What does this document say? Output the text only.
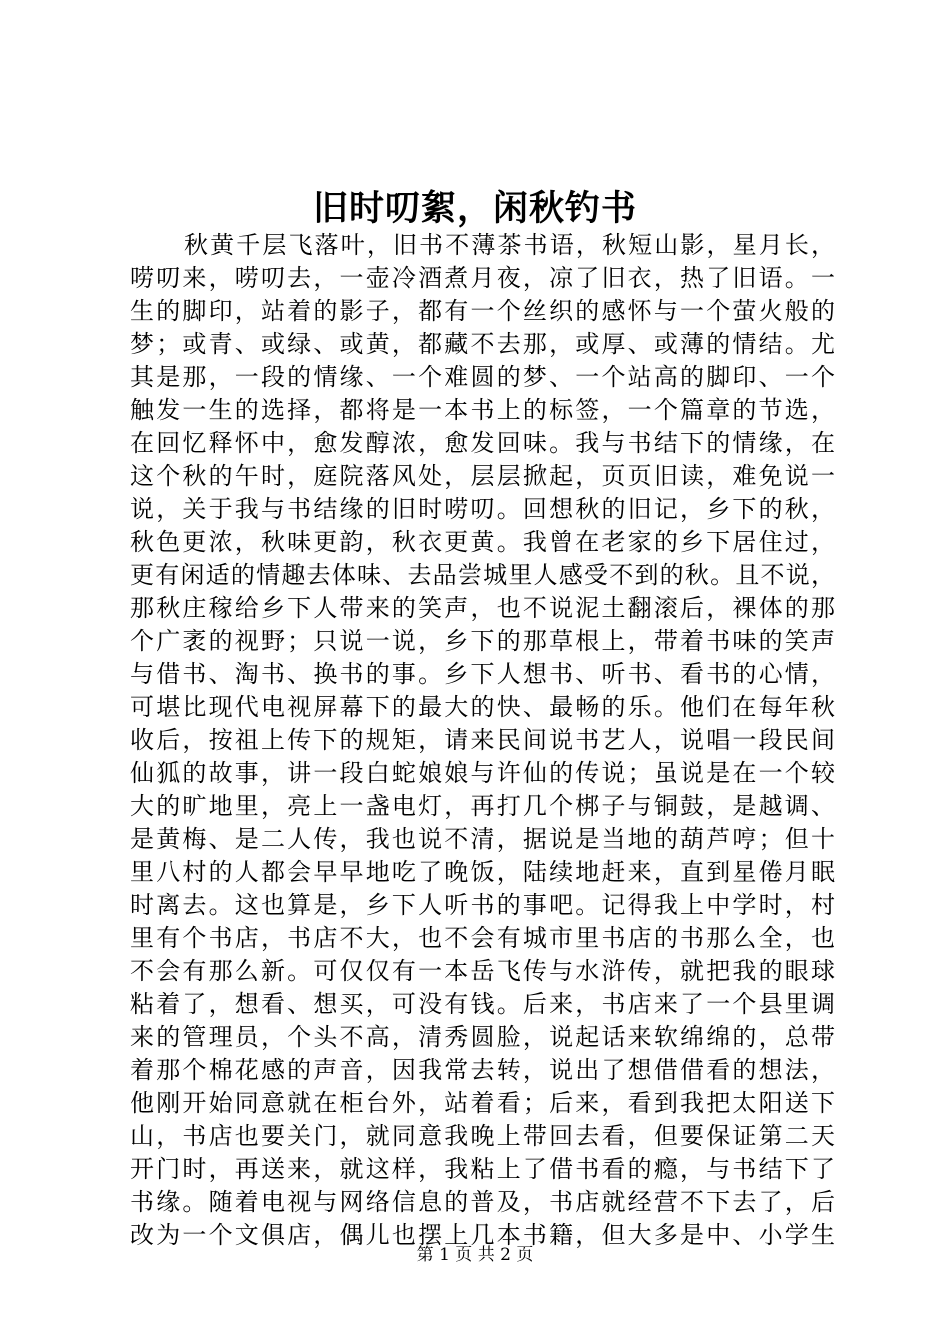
旧时叨絮，闲秋钓书
秋黄千层飞落叶，旧书不薄茶书语，秋短山影，星月长，
唠叨来，唠叨去，一壶冷酒煮月夜，凉了旧衣，热了旧语。一
生的脚印，站着的影子，都有一个丝织的感怀与一个萤火般的
梦；或青、或绿、或黄，都藏不去那，或厚、或薄的情结。尤
其是那，一段的情缘、一个难圆的梦、一个站高的脚印、一个
触发一生的选择，都将是一本书上的标签，一个篇章的节选，
在回忆释怀中，愈发醇浓，愈发回味。我与书结下的情缘，在
这个秋的午时，庭院落风处，层层掀起，页页旧读，难免说一
说，关于我与书结缘的旧时唠叨。回想秋的旧记，乡下的秋，
秋色更浓，秋味更韵，秋衣更黄。我曾在老家的乡下居住过，
更有闲适的情趣去体味、去品尝城里人感受不到的秋。且不说，
那秋庄稼给乡下人带来的笑声，也不说泥土翻滚后，裸体的那
个广袤的视野；只说一说，乡下的那草根上，带着书味的笑声
与借书、淘书、换书的事。乡下人想书、听书、看书的心情，
可堪比现代电视屏幕下的最大的快、最畅的乐。他们在每年秋
收后，按祖上传下的规矩，请来民间说书艺人，说唱一段民间
仙狐的故事，讲一段白蛇娘娘与许仙的传说；虽说是在一个较
大的旷地里，亮上一盏电灯，再打几个梆子与铜鼓，是越调、
是黄梅、是二人传，我也说不清，据说是当地的葫芦哼；但十
里八村的人都会早早地吃了晚饭，陆续地赶来，直到星倦月眠
时离去。这也算是，乡下人听书的事吧。记得我上中学时，村
里有个书店，书店不大，也不会有城市里书店的书那么全，也
不会有那么新。可仅仅有一本岳飞传与水浒传，就把我的眼球
粘着了，想看、想买，可没有钱。后来，书店来了一个县里调
来的管理员，个头不高，清秀圆脸，说起话来软绵绵的，总带
着那个棉花感的声音，因我常去转，说出了想借借看的想法，
他刚开始同意就在柜台外，站着看；后来，看到我把太阳送下
山，书店也要关门，就同意我晚上带回去看，但要保证第二天
开门时，再送来，就这样，我粘上了借书看的瘾，与书结下了
书缘。随着电视与网络信息的普及，书店就经营不下去了，后
改为一个文俱店，偶儿也摆上几本书籍，但大多是中、小学生
第 1 页 共 2 页
